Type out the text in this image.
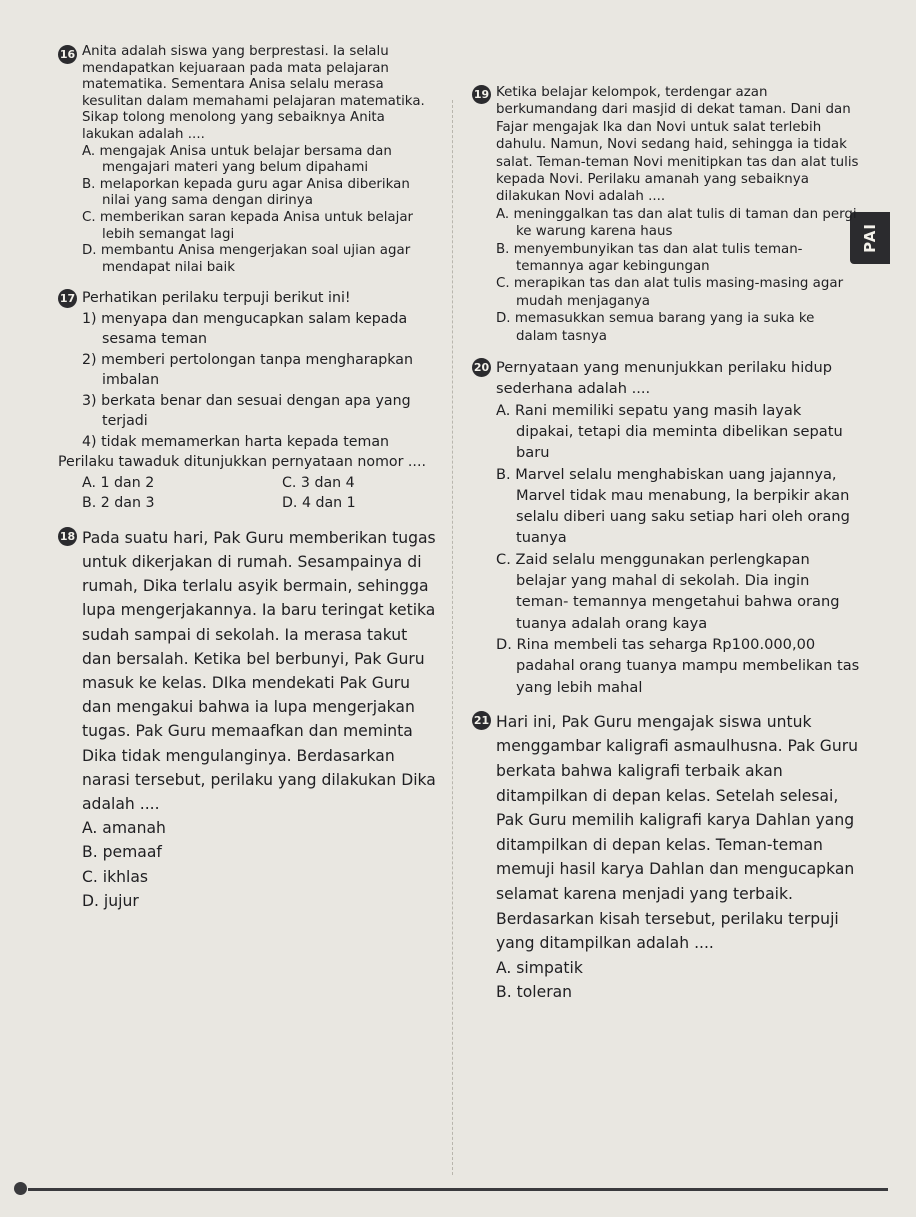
PAI
16 Anita adalah siswa yang berprestasi. Ia selalu mendapatkan kejuaraan pada mata pelajaran matematika. Sementara Anisa selalu merasa kesulitan dalam memahami pelajaran matematika. Sikap tolong menolong yang sebaiknya Anita lakukan adalah ....

A. mengajak Anisa untuk belajar bersama dan mengajari materi yang belum dipahami

B. melaporkan kepada guru agar Anisa diberikan nilai yang sama dengan dirinya

C. memberikan saran kepada Anisa untuk belajar lebih semangat lagi

D. membantu Anisa mengerjakan soal ujian agar mendapat nilai baik

17 Perhatikan perilaku terpuji berikut ini!

1) menyapa dan mengucapkan salam kepada sesama teman

2) memberi pertolongan tanpa mengharapkan imbalan

3) berkata benar dan sesuai dengan apa yang terjadi

4) tidak memamerkan harta kepada teman

Perilaku tawaduk ditunjukkan pernyataan nomor ....

A. 1 dan 2	C. 3 dan 4
B. 2 dan 3	D. 4 dan 1
18 Pada suatu hari, Pak Guru memberikan tugas untuk dikerjakan di rumah. Sesampainya di rumah, Dika terlalu asyik bermain, sehingga lupa mengerjakannya. Ia baru teringat ketika sudah sampai di sekolah. Ia merasa takut dan bersalah. Ketika bel berbunyi, Pak Guru masuk ke kelas. DIka mendekati Pak Guru dan mengakui bahwa ia lupa mengerjakan tugas. Pak Guru memaafkan dan meminta Dika tidak mengulanginya. Berdasarkan narasi tersebut, perilaku yang dilakukan Dika adalah ....

A. amanah

B. pemaaf

C. ikhlas

D. jujur

19 Ketika belajar kelompok, terdengar azan berkumandang dari masjid di dekat taman. Dani dan Fajar mengajak Ika dan Novi untuk salat terlebih dahulu. Namun, Novi sedang haid, sehingga ia tidak salat. Teman-teman Novi menitipkan tas dan alat tulis kepada Novi. Perilaku amanah yang sebaiknya dilakukan Novi adalah ....

A. meninggalkan tas dan alat tulis di taman dan pergi ke warung karena haus

B. menyembunyikan tas dan alat tulis teman-temannya agar kebingungan

C. merapikan tas dan alat tulis masing-masing agar mudah menjaganya

D. memasukkan semua barang yang ia suka ke dalam tasnya

20 Pernyataan yang menunjukkan perilaku hidup sederhana adalah ....

A. Rani memiliki sepatu yang masih layak dipakai, tetapi dia meminta dibelikan sepatu baru

B. Marvel selalu menghabiskan uang jajannya, Marvel tidak mau menabung, la berpikir akan selalu diberi uang saku setiap hari oleh orang tuanya

C. Zaid selalu menggunakan perlengkapan belajar yang mahal di sekolah. Dia ingin teman- temannya mengetahui bahwa orang tuanya adalah orang kaya

D. Rina membeli tas seharga Rp100.000,00 padahal orang tuanya mampu membelikan tas yang lebih mahal

21 Hari ini, Pak Guru mengajak siswa untuk menggambar kaligrafi asmaulhusna. Pak Guru berkata bahwa kaligrafi terbaik akan ditampilkan di depan kelas. Setelah selesai, Pak Guru memilih kaligrafi karya Dahlan yang ditampilkan di depan kelas. Teman-teman memuji hasil karya Dahlan dan mengucapkan selamat karena menjadi yang terbaik. Berdasarkan kisah tersebut, perilaku terpuji yang ditampilkan adalah ....

A. simpatik

B. toleran
